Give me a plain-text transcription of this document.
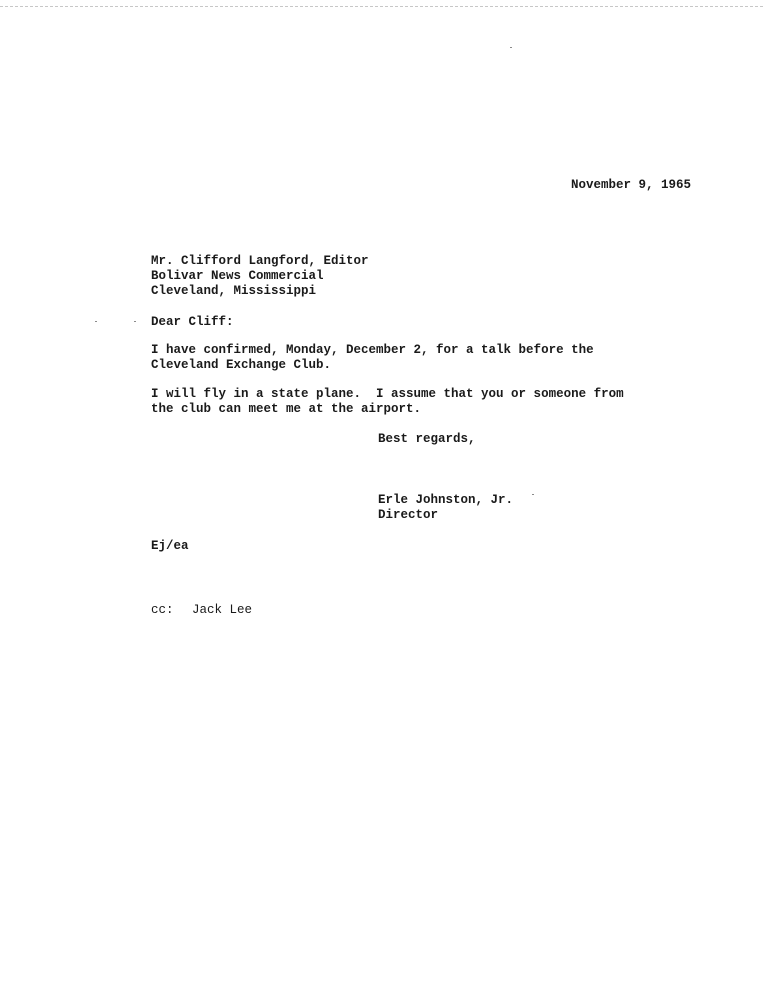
November 9, 1965
Mr. Clifford Langford, Editor
Bolivar News Commercial
Cleveland, Mississippi
Dear Cliff:
I have confirmed, Monday, December 2, for a talk before the
Cleveland Exchange Club.
I will fly in a state plane.  I assume that you or someone from
the club can meet me at the airport.
Best regards,
Erle Johnston, Jr.
Director
Ej/ea
cc: Jack Lee
